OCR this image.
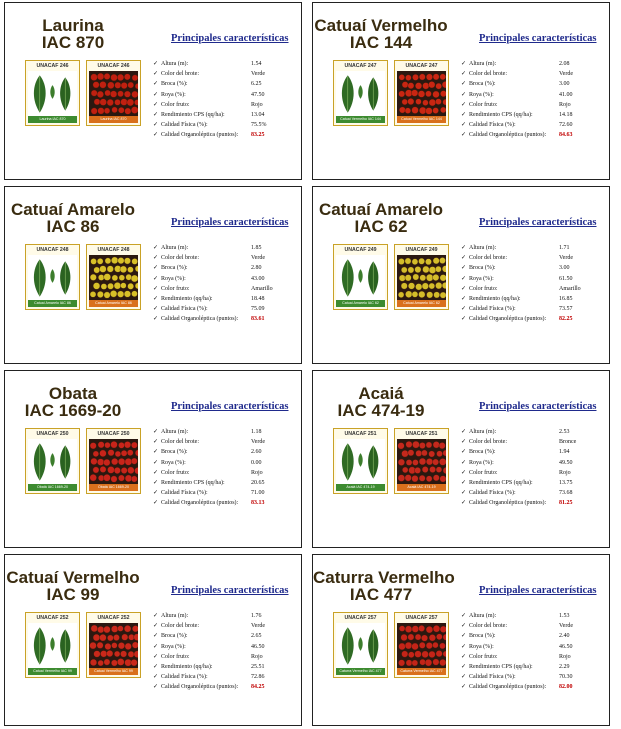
Laurina
IAC 870	Principales características
UNACAF 246
Laurina IAC 870
UNACAF 246
Laurina IAC 870
✓ Altura (m):	1.54
✓ Color del brote:	Verde
✓ Broca (%):	6.25
✓ Roya (%):	47.50
✓ Color fruto:	Rojo
✓ Rendimiento CPS (qq/ha):	13.04
✓ Calidad Física (%):	75.5%
✓ Calidad Organoléptica (puntos): 83.25
Catuaí Vermelho
IAC 144	Principales características
UNACAF 247
Catuaí Vermelho IAC 144
UNACAF 247
Catuaí Vermelho IAC 144
✓ Altura (m):	2.08
✓ Color del brote:	Verde
✓ Broca (%):	3.00
✓ Roya (%):	41.00
✓ Color fruto:	Rojo
✓ Rendimiento CPS (qq/ha):	14.18
✓ Calidad Física (%):	72.60
✓ Calidad Organoléptica (puntos): 84.63
Catuaí Amarelo
IAC 86	Principales características
UNACAF 248
Catuaí Amarelo IAC 86
UNACAF 248
Catuaí Amarelo IAC 86
✓ Altura (m):	1.85
✓ Color del brote:	Verde
✓ Broca (%):	2.80
✓ Roya (%):	43.00
✓ Color fruto:	Amarillo
✓ Rendimiento (qq/ha):	18.48
✓ Calidad Física (%):	75.09
✓ Calidad Organoléptica (puntos): 83.61
Catuaí Amarelo
IAC 62	Principales características
UNACAF 249
Catuaí Amarelo IAC 62
UNACAF 249
Catuaí Amarelo IAC 62
✓ Altura (m):	1.71
✓ Color del brote:	Verde
✓ Broca (%):	3.00
✓ Roya (%):	61.50
✓ Color fruto:	Amarillo
✓ Rendimiento (qq/ha):	16.85
✓ Calidad Física (%):	73.57
✓ Calidad Organoléptica (puntos): 82.25
Obata
IAC 1669-20	Principales características
UNACAF 250
Obatá IAC 1669-20
UNACAF 250
Obatá IAC 1669-20
✓ Altura (m):	1.18
✓ Color del brote:	Verde
✓ Broca (%):	2.60
✓ Roya (%):	0.00
✓ Color fruto:	Rojo
✓ Rendimiento CPS (qq/ha):	20.65
✓ Calidad Física (%):	71.00
✓ Calidad Organoléptica (puntos): 83.13
Acaiá
IAC 474-19	Principales características
UNACAF 251
Acaiá IAC 474-19
UNACAF 251
Acaiá IAC 474-19
✓ Altura (m):	2.53
✓ Color del brote:	Bronce
✓ Broca (%):	1.94
✓ Roya (%):	49.50
✓ Color fruto:	Rojo
✓ Rendimiento CPS (qq/ha):	13.75
✓ Calidad Física (%):	73.68
✓ Calidad Organoléptica (puntos): 81.25
Catuaí Vermelho
IAC 99	Principales características
UNACAF 252
Catuaí Vermelho IAC 99
UNACAF 252
Catuaí Vermelho IAC 99
✓ Altura (m):	1.76
✓ Color del brote:	Verde
✓ Broca (%):	2.65
✓ Roya (%):	46.50
✓ Color fruto:	Rojo
✓ Rendimiento (qq/ha):	25.51
✓ Calidad Física (%):	72.86
✓ Calidad Organoléptica (puntos): 84.25
Caturra Vermelho
IAC 477	Principales características
UNACAF 257
Caturra Vermelho IAC 477
UNACAF 257
Caturra Vermelho IAC 477
✓ Altura (m):	1.53
✓ Color del brote:	Verde
✓ Broca (%):	2.40
✓ Roya (%):	46.50
✓ Color fruto:	Rojo
✓ Rendimiento CPS (qq/ha):	2.29
✓ Calidad Física (%):	70.30
✓ Calidad Organoléptica (puntos): 82.00
